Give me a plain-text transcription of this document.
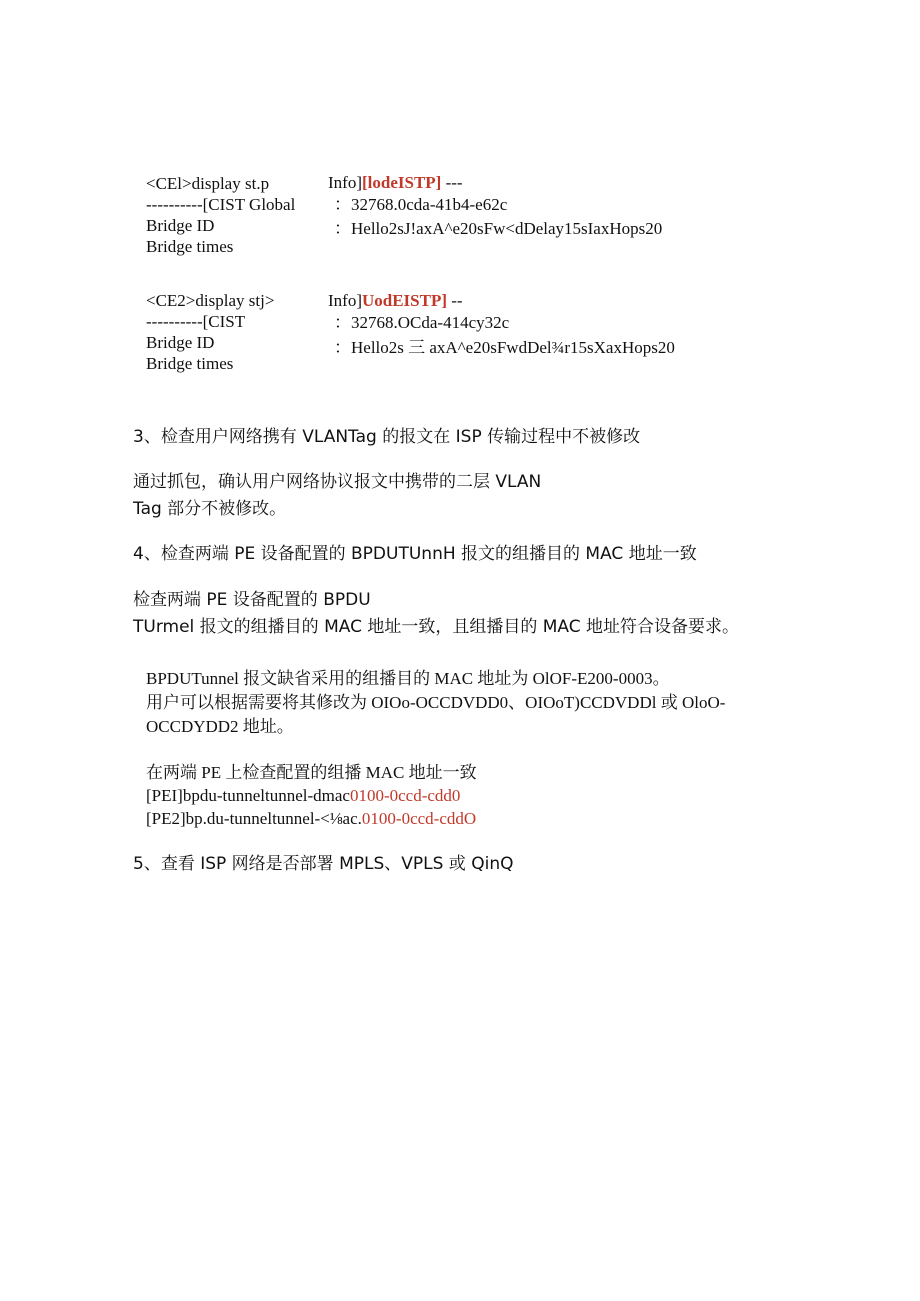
<CEl>display st.p
----------[CIST Global
Bridge ID
Bridge times
Info][lodeISTP] ---
：32768.0cda-41b4-e62c
：Hello2sJ!axA^e20sFw<dDelay15sIaxHops20
<CE2>display stj>
----------[CIST
Bridge ID
Bridge times
Info]UodEISTP] --
：32768.OCda-414cy32c
：Hello2s 三 axA^e20sFwdDel¾r15sXaxHops20
3、检查用户网络携有 VLANTag 的报文在 ISP 传输过程中不被修改
通过抓包，确认用户网络协议报文中携带的二层 VLAN
Tag 部分不被修改。
4、检查两端 PE 设备配置的 BPDUTUnnH 报文的组播目的 MAC 地址一致
检查两端 PE 设备配置的 BPDU
TUrmel 报文的组播目的 MAC 地址一致，且组播目的 MAC 地址符合设备要求。
BPDUTunnel 报文缺省采用的组播目的 MAC 地址为 OlOF-E200-0003。
用户可以根据需要将其修改为 OIOo-OCCDVDD0、OIOoT)CCDVDDl 或 OloO-
OCCDYDD2 地址。
在两端 PE 上检查配置的组播 MAC 地址一致
[PEI]bpdu-tunneltunnel-dmac0100-0ccd-cdd0
[PE2]bp.du-tunneltunnel-<⅛ac.0100-0ccd-cddO
5、查看 ISP 网络是否部署 MPLS、VPLS 或 QinQ
